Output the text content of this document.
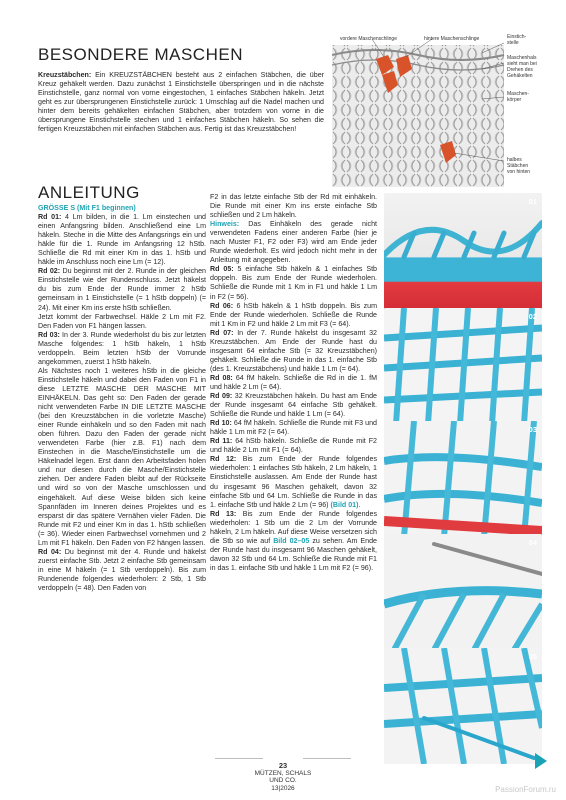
BESONDERE MASCHEN

Kreuzstäbchen: Ein KREUZSTÄBCHEN besteht aus 2 einfachen Stäbchen, die über Kreuz gehäkelt werden. Dazu zunächst 1 Einstichstelle überspringen und in die nächste Einstichstelle, ganz normal von vorne eingestochen, 1 einfaches Stäbchen häkeln. Jetzt geht es zur übersprungenen Einstichstelle zurück: 1 Umschlag auf die Nadel machen und hinter dem bereits gehäkelten einfachen Stäbchen, aber trotzdem von vorne in die übersprungene Einstichstelle stechen und 1 einfaches Stäbchen häkeln. So sehen die fertigen Kreuzstäbchen mit einfachen Stäbchen aus. Fertig ist das Kreuzstäbchen!

vordere Maschenschlinge	hintere Maschenschlinge	Einstich-stelle
Maschenhals sieht man bei Drehen des Gehäkelten
Maschen-körper
halbes Stäbchen von hinten
ANLEITUNG

GRÖSSE S (Mit F1 beginnen)

Rd 01: 4 Lm bilden, in die 1. Lm einstechen und einen Anfangsring bilden. Anschließend eine Lm häkeln. Steche in die Mitte des Anfangsrings ein und häkle für die 1. Runde im Anfangsring 12 hStb. Schließe die Rd mit einer Km in das 1. hStb und häkle im Anschluss noch eine Lm (= 12).

Rd 02: Du beginnst mit der 2. Runde in der gleichen Einstichstelle wie der Rundenschluss. Jetzt häkelst du bis zum Ende der Runde immer 2 hStb gemeinsam in 1 Einstichstelle (= 1 hStb doppeln) (= 24). Mit einer Km ins erste hStb schließen.

Jetzt kommt der Farbwechsel. Häkle 2 Lm mit F2. Den Faden von F1 hängen lassen.

Rd 03: In der 3. Runde wiederholst du bis zur letzten Masche folgendes: 1 hStb häkeln, 1 hStb verdoppeln. Beim letzten hStb der Vorrunde angekommen, zuerst 1 hStb häkeln.

Als Nächstes noch 1 weiteres hStb in die gleiche Einstichstelle häkeln und dabei den Faden von F1 in diese LETZTE MASCHE DER MASCHE MIT EINHÄKELN. Das geht so: Den Faden der gerade nicht verwendeten Farbe IN DIE LETZTE MASCHE (bei den Kreuzstäbchen in die vorletzte Masche) einer Runde einhäkeln und so den Faden mit nach oben führen. Dazu den Faden der gerade nicht verwendeten Farbe (hier z.B. F1) nach dem Einstechen in die Masche/Einstichstelle um die Häkelnadel legen. Erst dann den Arbeitsfaden holen und nur diesen durch die Masche/Einstichstelle ziehen. Der andere Faden bleibt auf der Rückseite und wird so von der Masche umschlossen und eingehäkelt. Auf diese Weise bilden sich keine Spannfäden im Inneren deines Projektes und es ersparst dir das spätere Vernähen vieler Fäden. Die Runde mit F2 und einer Km in das 1. hStb schließen (= 36). Wieder einen Farbwechsel vornehmen und 2 Lm mit F1 häkeln. Den Faden von F2 hängen lassen.

Rd 04: Du beginnst mit der 4. Runde und häkelst zuerst einfache Stb. Jetzt 2 einfache Stb gemeinsam in eine M häkeln (= 1 Stb verdoppeln). Bis zum Rundenende folgendes wiederholen: 2 Stb, 1 Stb verdoppeln (= 48). Den Faden von

F2 in das letzte einfache Stb der Rd mit einhäkeln. Die Runde mit einer Km ins erste einfache Stb schließen und 2 Lm häkeln.

Hinweis: Das Einhäkeln des gerade nicht verwendeten Fadens einer anderen Farbe (hier je nach Muster F1, F2 oder F3) wird am Ende jeder Runde wiederholt. Es wird jedoch nicht mehr in der Anleitung mit angegeben.

Rd 05: 5 einfache Stb häkeln & 1 einfaches Stb doppeln. Bis zum Ende der Runde wiederholen. Schließe die Runde mit 1 Km in F1 und häkle 1 Lm in F2 (= 56).

Rd 06: 6 hStb häkeln & 1 hStb doppeln. Bis zum Ende der Runde wiederholen. Schließe die Runde mit 1 Km in F2 und häkle 2 Lm mit F3 (= 64).

Rd 07: In der 7. Runde häkelst du insgesamt 32 Kreuzstäbchen. Am Ende der Runde hast du insgesamt 64 einfache Stb (= 32 Kreuzstäbchen) gehäkelt. Schließe die Runde in das 1. einfache Stb (des 1. Kreuzstäbchens) und häkle 1 Lm (= 64).

Rd 08: 64 fM häkeln. Schließe die Rd in die 1. fM und häkle 2 Lm (= 64).

Rd 09: 32 Kreuzstäbchen häkeln. Du hast am Ende der Runde insgesamt 64 einfache Stb gehäkelt. Schließe die Runde und häkle 1 Lm (= 64).

Rd 10: 64 fM häkeln. Schließe die Runde mit F3 und häkle 1 Lm mit F2 (= 64).

Rd 11: 64 hStb häkeln. Schließe die Runde mit F2 und häkle 2 Lm mit F1 (= 64).

Rd 12: Bis zum Ende der Runde folgendes wiederholen: 1 einfaches Stb häkeln, 2 Lm häkeln, 1 Einstichstelle auslassen. Am Ende der Runde hast du insgesamt 96 Maschen gehäkelt, davon 32 einfache Stb und 64 Lm. Schließe die Runde in das 1. einfache Stb und häkle 2 Lm (= 96) (Bild 01).

Rd 13: Bis zum Ende der Runde folgendes wiederholen: 1 Stb um die 2 Lm der Vorrunde häkeln, 2 Lm häkeln. Auf diese Weise versetzen sich die Stb so wie auf Bild 02–05 zu sehen. Am Ende der Runde hast du insgesamt 96 Maschen gehäkelt, davon 32 Stb und 64 Lm. Schließe die Runde mit F1 in das 1. einfache Stb und häkle 1 Lm mit F2 (= 96).

01
02
03
04
05
23
MÜTZEN, SCHALS
UND CO.
13|2026	PassionForum.ru
